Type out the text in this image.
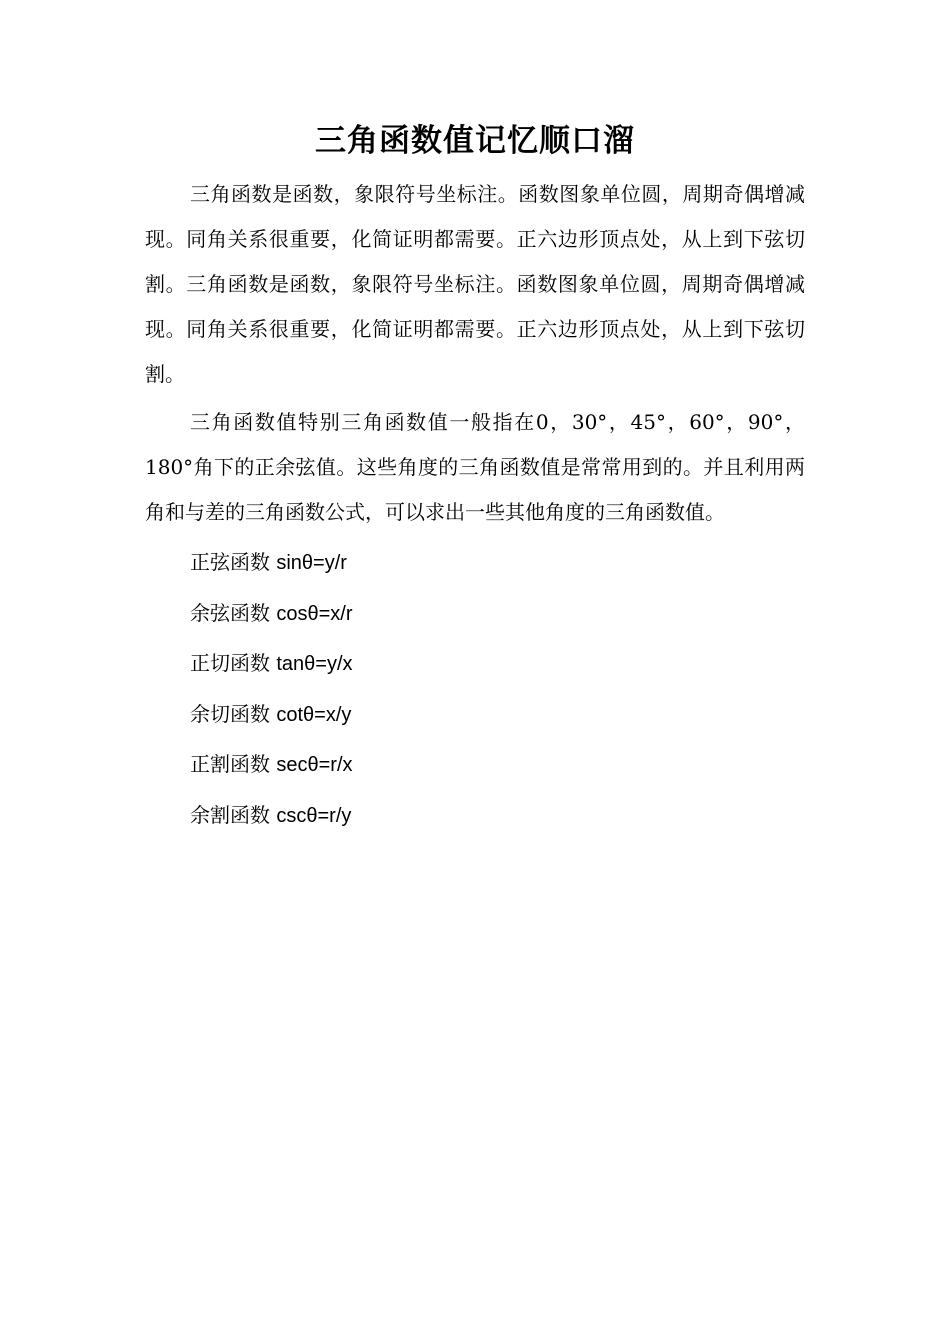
三角函数值记忆顺口溜

三角函数是函数，象限符号坐标注。函数图象单位圆，周期奇偶增减现。同角关系很重要，化简证明都需要。正六边形顶点处，从上到下弦切割。三角函数是函数，象限符号坐标注。函数图象单位圆，周期奇偶增减现。同角关系很重要，化简证明都需要。正六边形顶点处，从上到下弦切割。

三角函数值特别三角函数值一般指在0，30°，45°，60°，90°，180°角下的正余弦值。这些角度的三角函数值是常常用到的。并且利用两角和与差的三角函数公式，可以求出一些其他角度的三角函数值。

正弦函数 sinθ=y/r
余弦函数 cosθ=x/r
正切函数 tanθ=y/x
余切函数 cotθ=x/y
正割函数 secθ=r/x
余割函数 cscθ=r/y
